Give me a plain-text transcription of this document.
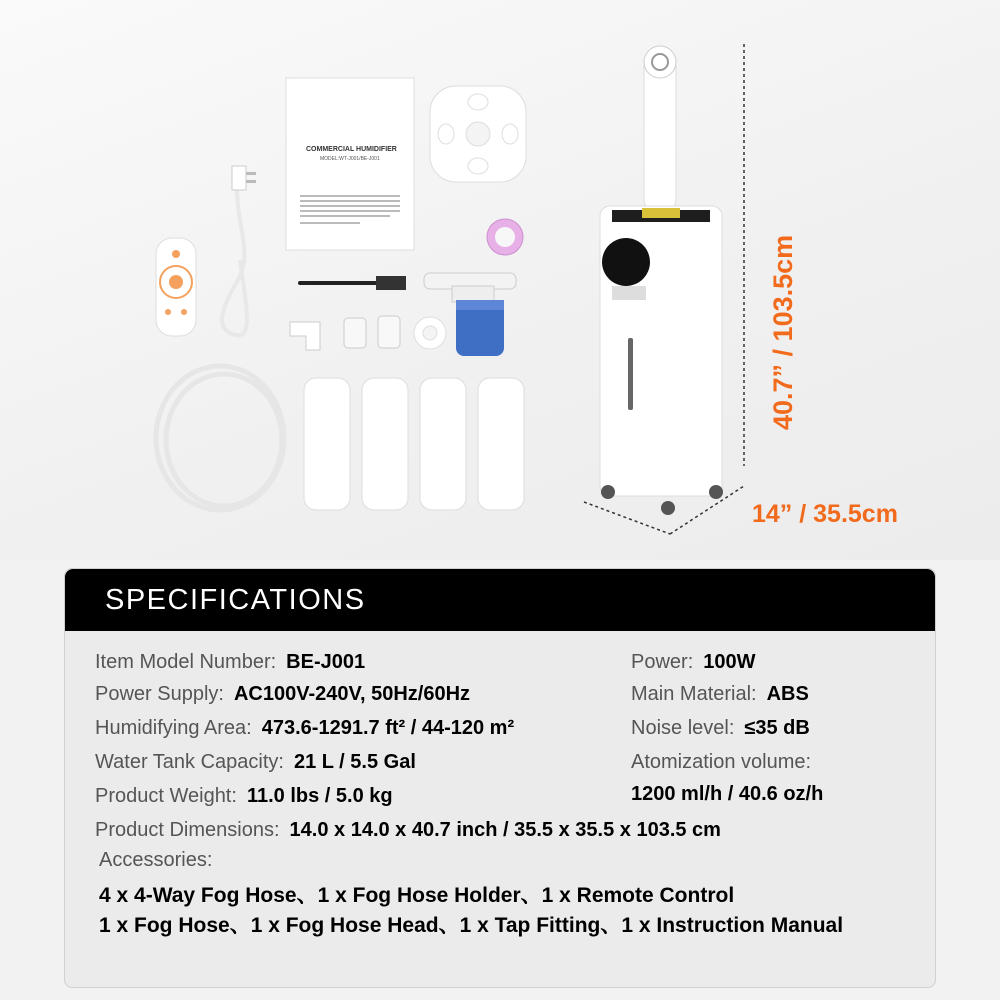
COMMERCIAL HUMIDIFIER
MODEL:WT-J001/BE-J001
40.7” / 103.5cm
14” / 35.5cm
SPECIFICATIONS
Item Model Number: BE-J001
Power Supply: AC100V-240V, 50Hz/60Hz
Humidifying Area: 473.6-1291.7 ft² / 44-120 m²
Water Tank Capacity: 21 L / 5.5 Gal
Product Weight: 11.0 lbs / 5.0 kg
Power: 100W
Main Material: ABS
Noise level: ≤35 dB
Atomization volume:
1200 ml/h / 40.6 oz/h
Product Dimensions: 14.0 x 14.0 x 40.7 inch / 35.5 x 35.5 x 103.5 cm
Accessories:
4 x 4-Way Fog Hose、1 x Fog Hose Holder、1 x Remote Control
1 x Fog Hose、1 x Fog Hose Head、1 x Tap Fitting、1 x Instruction Manual
